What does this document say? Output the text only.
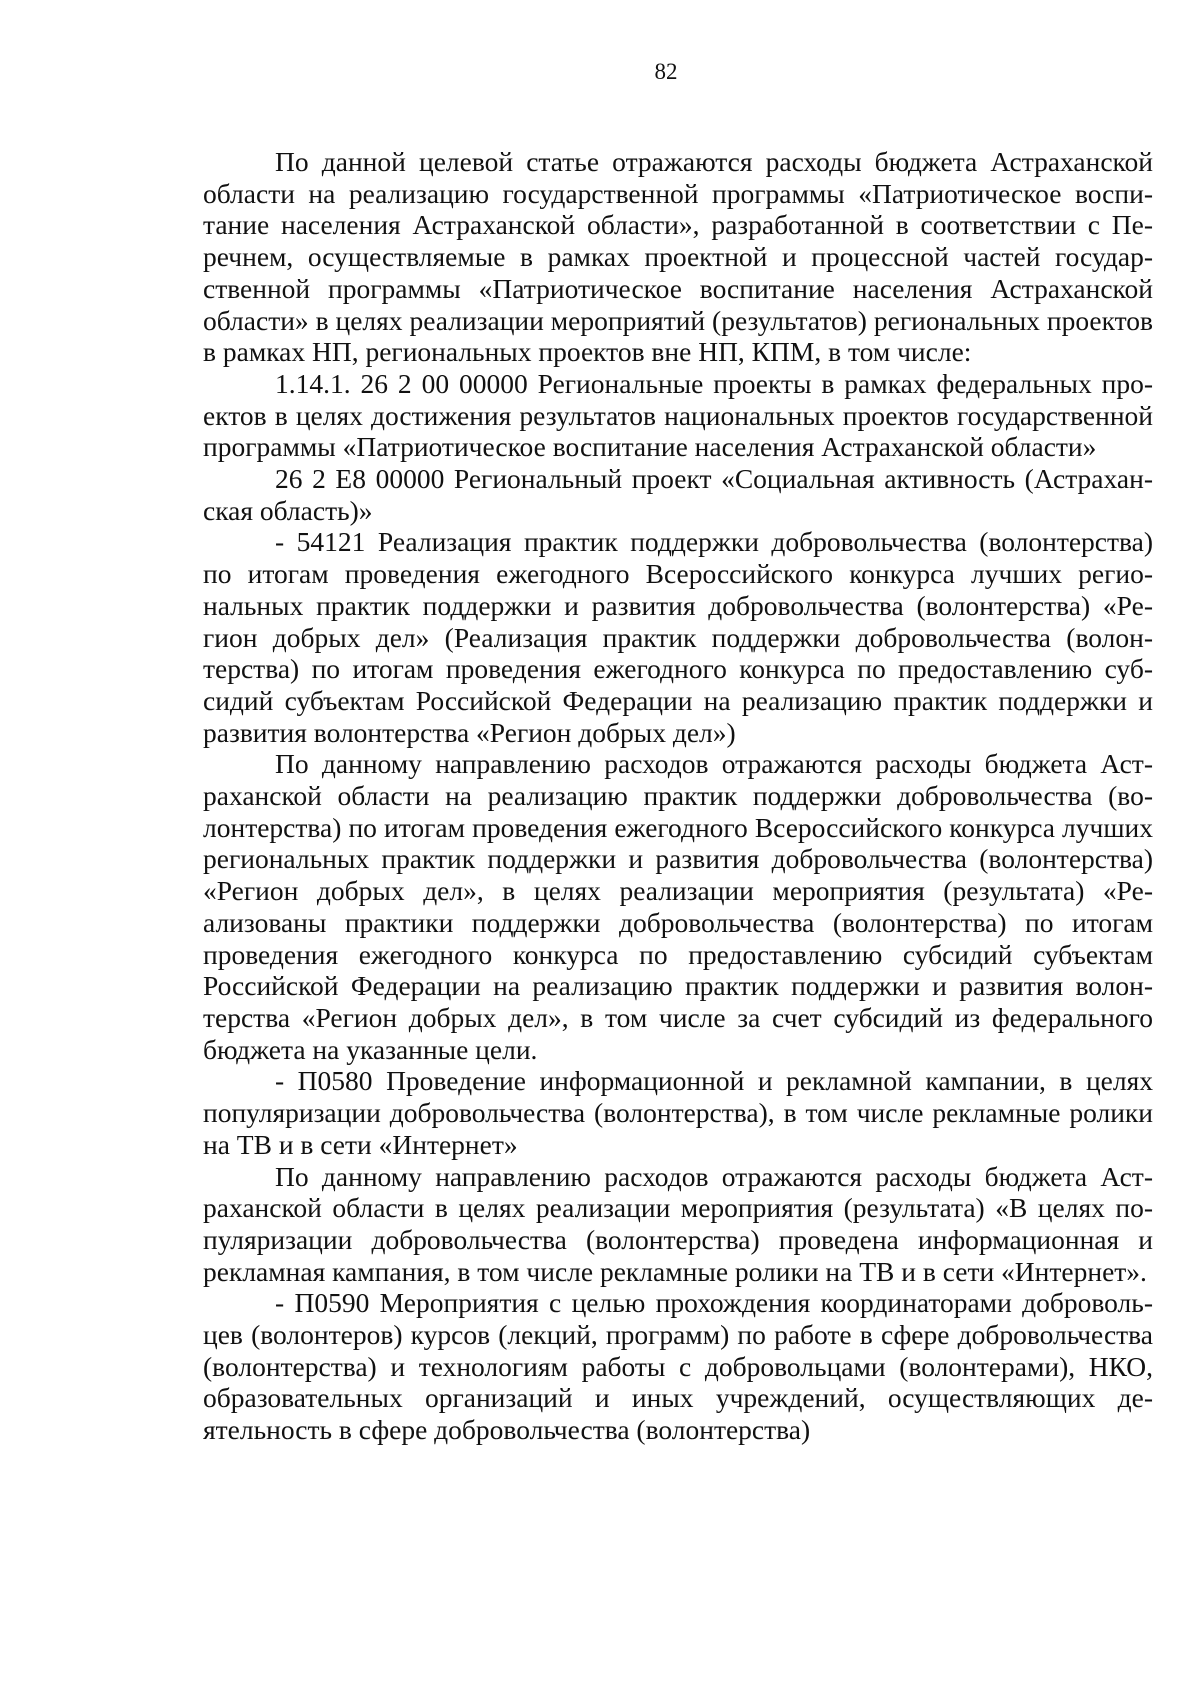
82

По данной целевой статье отражаются расходы бюджета Астраханской области на реализацию государственной программы «Патриотическое воспитание населения Астраханской области», разработанной в соответствии с Перечнем, осуществляемые в рамках проектной и процессной частей государственной программы «Патриотическое воспитание населения Астраханской области» в целях реализации мероприятий (результатов) региональных проектов в рамках НП, региональных проектов вне НП, КПМ, в том числе:

1.14.1. 26 2 00 00000 Региональные проекты в рамках федеральных проектов в целях достижения результатов национальных проектов государственной программы «Патриотическое воспитание населения Астраханской области»

26 2 E8 00000 Региональный проект «Социальная активность (Астраханская область)»

- 54121 Реализация практик поддержки добровольчества (волонтерства) по итогам проведения ежегодного Всероссийского конкурса лучших региональных практик поддержки и развития добровольчества (волонтерства) «Регион добрых дел» (Реализация практик поддержки добровольчества (волонтерства) по итогам проведения ежегодного конкурса по предоставлению субсидий субъектам Российской Федерации на реализацию практик поддержки и развития волонтерства «Регион добрых дел»)

По данному направлению расходов отражаются расходы бюджета Астраханской области на реализацию практик поддержки добровольчества (волонтерства) по итогам проведения ежегодного Всероссийского конкурса лучших региональных практик поддержки и развития добровольчества (волонтерства) «Регион добрых дел», в целях реализации мероприятия (результата) «Реализованы практики поддержки добровольчества (волонтерства) по итогам проведения ежегодного конкурса по предоставлению субсидий субъектам Российской Федерации на реализацию практик поддержки и развития волонтерства «Регион добрых дел», в том числе за счет субсидий из федерального бюджета на указанные цели.

- П0580 Проведение информационной и рекламной кампании, в целях популяризации добровольчества (волонтерства), в том числе рекламные ролики на ТВ и в сети «Интернет»

По данному направлению расходов отражаются расходы бюджета Астраханской области в целях реализации мероприятия (результата) «В целях популяризации добровольчества (волонтерства) проведена информационная и рекламная кампания, в том числе рекламные ролики на ТВ и в сети «Интернет».

- П0590 Мероприятия с целью прохождения координаторами добровольцев (волонтеров) курсов (лекций, программ) по работе в сфере добровольчества (волонтерства) и технологиям работы с добровольцами (волонтерами), НКО, образовательных организаций и иных учреждений, осуществляющих деятельность в сфере добровольчества (волонтерства)
